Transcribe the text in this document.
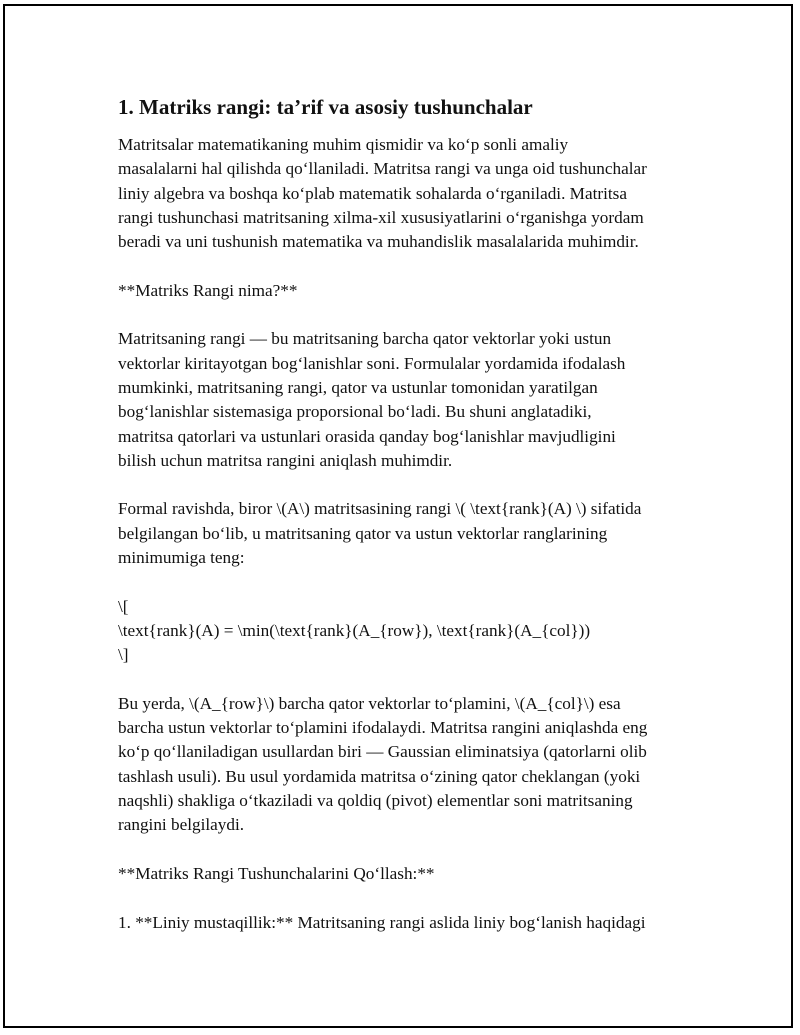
1. Matriks rangi: ta’rif va asosiy tushunchalar

Matritsalar matematikaning muhim qismidir va ko‘p sonli amaliy
masalalarni hal qilishda qo‘llaniladi. Matritsa rangi va unga oid tushunchalar
liniy algebra va boshqa ko‘plab matematik sohalarda o‘rganiladi. Matritsa
rangi tushunchasi matritsaning xilma-xil xususiyatlarini o‘rganishga yordam
beradi va uni tushunish matematika va muhandislik masalalarida muhimdir.

**Matriks Rangi nima?**

Matritsaning rangi — bu matritsaning barcha qator vektorlar yoki ustun
vektorlar kiritayotgan bog‘lanishlar soni. Formulalar yordamida ifodalash
mumkinki, matritsaning rangi, qator va ustunlar tomonidan yaratilgan
bog‘lanishlar sistemasiga proporsional bo‘ladi. Bu shuni anglatadiki,
matritsa qatorlari va ustunlari orasida qanday bog‘lanishlar mavjudligini
bilish uchun matritsa rangini aniqlash muhimdir.

Formal ravishda, biror \(A\) matritsasining rangi \( \text{rank}(A) \) sifatida
belgilangan bo‘lib, u matritsaning qator va ustun vektorlar ranglarining
minimumiga teng:

\[
\text{rank}(A) = \min(\text{rank}(A_{row}), \text{rank}(A_{col}))
\]

Bu yerda, \(A_{row}\) barcha qator vektorlar to‘plamini, \(A_{col}\) esa
barcha ustun vektorlar to‘plamini ifodalaydi. Matritsa rangini aniqlashda eng
ko‘p qo‘llaniladigan usullardan biri — Gaussian eliminatsiya (qatorlarni olib
tashlash usuli). Bu usul yordamida matritsa o‘zining qator cheklangan (yoki
naqshli) shakliga o‘tkaziladi va qoldiq (pivot) elementlar soni matritsaning
rangini belgilaydi.

**Matriks Rangi Tushunchalarini Qo‘llash:**

1. **Liniy mustaqillik:** Matritsaning rangi aslida liniy bog‘lanish haqidagi
